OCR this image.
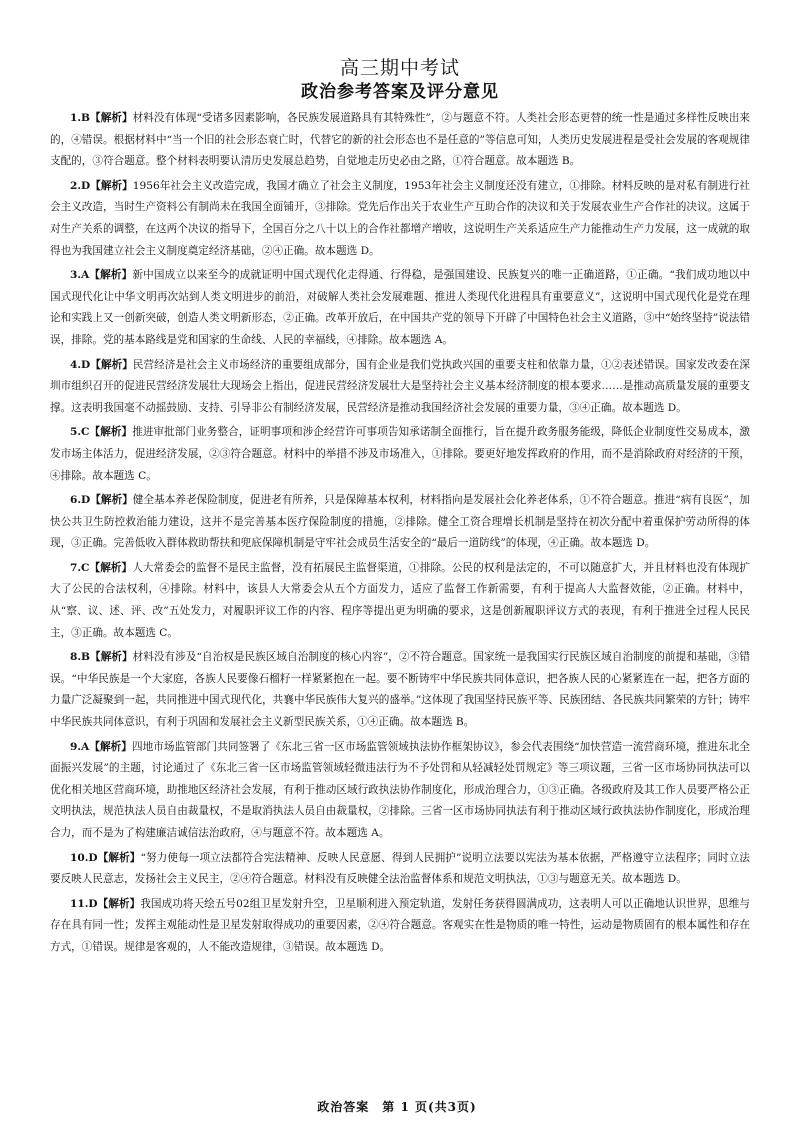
高三期中考试
政治参考答案及评分意见

1.B【解析】材料没有体现“受诸多因素影响，各民族发展道路具有其特殊性”，②与题意不符。人类社会形态更替的统一性是通过多样性反映出来的，④错误。根据材料中“当一个旧的社会形态衰亡时，代替它的新的社会形态也不是任意的”等信息可知，人类历史发展进程是受社会发展的客观规律支配的，③符合题意。整个材料表明要认清历史发展总趋势，自觉地走历史必由之路，①符合题意。故本题选 B。

2.D【解析】1956年社会主义改造完成，我国才确立了社会主义制度，1953年社会主义制度还没有建立，①排除。材料反映的是对私有制进行社会主义改造，当时生产资料公有制尚未在我国全面铺开，③排除。党先后作出关于农业生产互助合作的决议和关于发展农业生产合作社的决议。这属于对生产关系的调整，在这两个决议的指导下，全国百分之八十以上的合作社都增产增收，这说明生产关系适应生产力能推动生产力发展，这一成就的取得也为我国建立社会主义制度奠定经济基础，②④正确。故本题选 D。

3.A【解析】新中国成立以来至今的成就证明中国式现代化走得通、行得稳，是强国建设、民族复兴的唯一正确道路，①正确。“我们成功地以中国式现代化让中华文明再次站到人类文明进步的前沿，对破解人类社会发展难题、推进人类现代化进程具有重要意义”，这说明中国式现代化是党在理论和实践上又一创新突破，创造人类文明新形态，②正确。改革开放后，在中国共产党的领导下开辟了中国特色社会主义道路，③中“始终坚持”说法错误，排除。党的基本路线是党和国家的生命线、人民的幸福线，④排除。故本题选 A。

4.D【解析】民营经济是社会主义市场经济的重要组成部分，国有企业是我们党执政兴国的重要支柱和依靠力量，①②表述错误。国家发改委在深圳市组织召开的促进民营经济发展壮大现场会上指出，促进民营经济发展壮大是坚持社会主义基本经济制度的根本要求……是推动高质量发展的重要支撑。这表明我国毫不动摇鼓励、支持、引导非公有制经济发展，民营经济是推动我国经济社会发展的重要力量，③④正确。故本题选 D。

5.C【解析】推进审批部门业务整合，证明事项和涉企经营许可事项告知承诺制全面推行，旨在提升政务服务能级，降低企业制度性交易成本，激发市场主体活力，促进经济发展，②③符合题意。材料中的举措不涉及市场准入，①排除。要更好地发挥政府的作用，而不是消除政府对经济的干预，④排除。故本题选 C。

6.D【解析】健全基本养老保险制度，促进老有所养，只是保障基本权利，材料指向是发展社会化养老体系，①不符合题意。推进“病有良医”，加快公共卫生防控救治能力建设，这并不是完善基本医疗保险制度的措施，②排除。健全工资合理增长机制是坚持在初次分配中着重保护劳动所得的体现，③正确。完善低收入群体救助帮扶和兜底保障机制是守牢社会成员生活安全的“最后一道防线”的体现，④正确。故本题选 D。

7.C【解析】人大常委会的监督不是民主监督，没有拓展民主监督渠道，①排除。公民的权利是法定的，不可以随意扩大，并且材料也没有体现扩大了公民的合法权利，④排除。材料中，该县人大常委会从五个方面发力，适应了监督工作新需要，有利于提高人大监督效能，②正确。材料中，从“察、议、述、评、改”五处发力，对履职评议工作的内容、程序等提出更为明确的要求，这是创新履职评议方式的表现，有利于推进全过程人民民主，③正确。故本题选 C。

8.B【解析】材料没有涉及“自治权是民族区域自治制度的核心内容”，②不符合题意。国家统一是我国实行民族区域自治制度的前提和基础，③错误。“中华民族是一个大家庭，各族人民要像石榴籽一样紧紧抱在一起。要不断铸牢中华民族共同体意识，把各族人民的心紧紧连在一起，把各方面的力量广泛凝聚到一起，共同推进中国式现代化，共襄中华民族伟大复兴的盛举。”这体现了我国坚持民族平等、民族团结、各民族共同繁荣的方针；铸牢中华民族共同体意识，有利于巩固和发展社会主义新型民族关系，①④正确。故本题选 B。

9.A【解析】四地市场监管部门共同签署了《东北三省一区市场监管领域执法协作框架协议》，参会代表围绕“加快营造一流营商环境，推进东北全面振兴发展”的主题，讨论通过了《东北三省一区市场监管领域轻微违法行为不予处罚和从轻减轻处罚规定》等三项议题，三省一区市场协同执法可以优化相关地区营商环境，助推地区经济社会发展，有利于推动区域行政执法协作制度化，形成治理合力，①③正确。各级政府及其工作人员要严格公正文明执法，规范执法人员自由裁量权，不是取消执法人员自由裁量权，②排除。三省一区市场协同执法有利于推动区域行政执法协作制度化，形成治理合力，而不是为了构建廉洁诚信法治政府，④与题意不符。故本题选 A。

10.D【解析】“努力使每一项立法都符合宪法精神、反映人民意愿、得到人民拥护”说明立法要以宪法为基本依据，严格遵守立法程序；同时立法要反映人民意志，发扬社会主义民主，②④符合题意。材料没有反映健全法治监督体系和规范文明执法，①③与题意无关。故本题选 D。

11.D【解析】我国成功将天绘五号02组卫星发射升空，卫星顺利进入预定轨道，发射任务获得圆满成功，这表明人可以正确地认识世界，思维与存在具有同一性；发挥主观能动性是卫星发射取得成功的重要因素，②④符合题意。客观实在性是物质的唯一特性，运动是物质固有的根本属性和存在方式，①错误。规律是客观的，人不能改造规律，③错误。故本题选 D。

政治答案　第 1 页(共3页)
